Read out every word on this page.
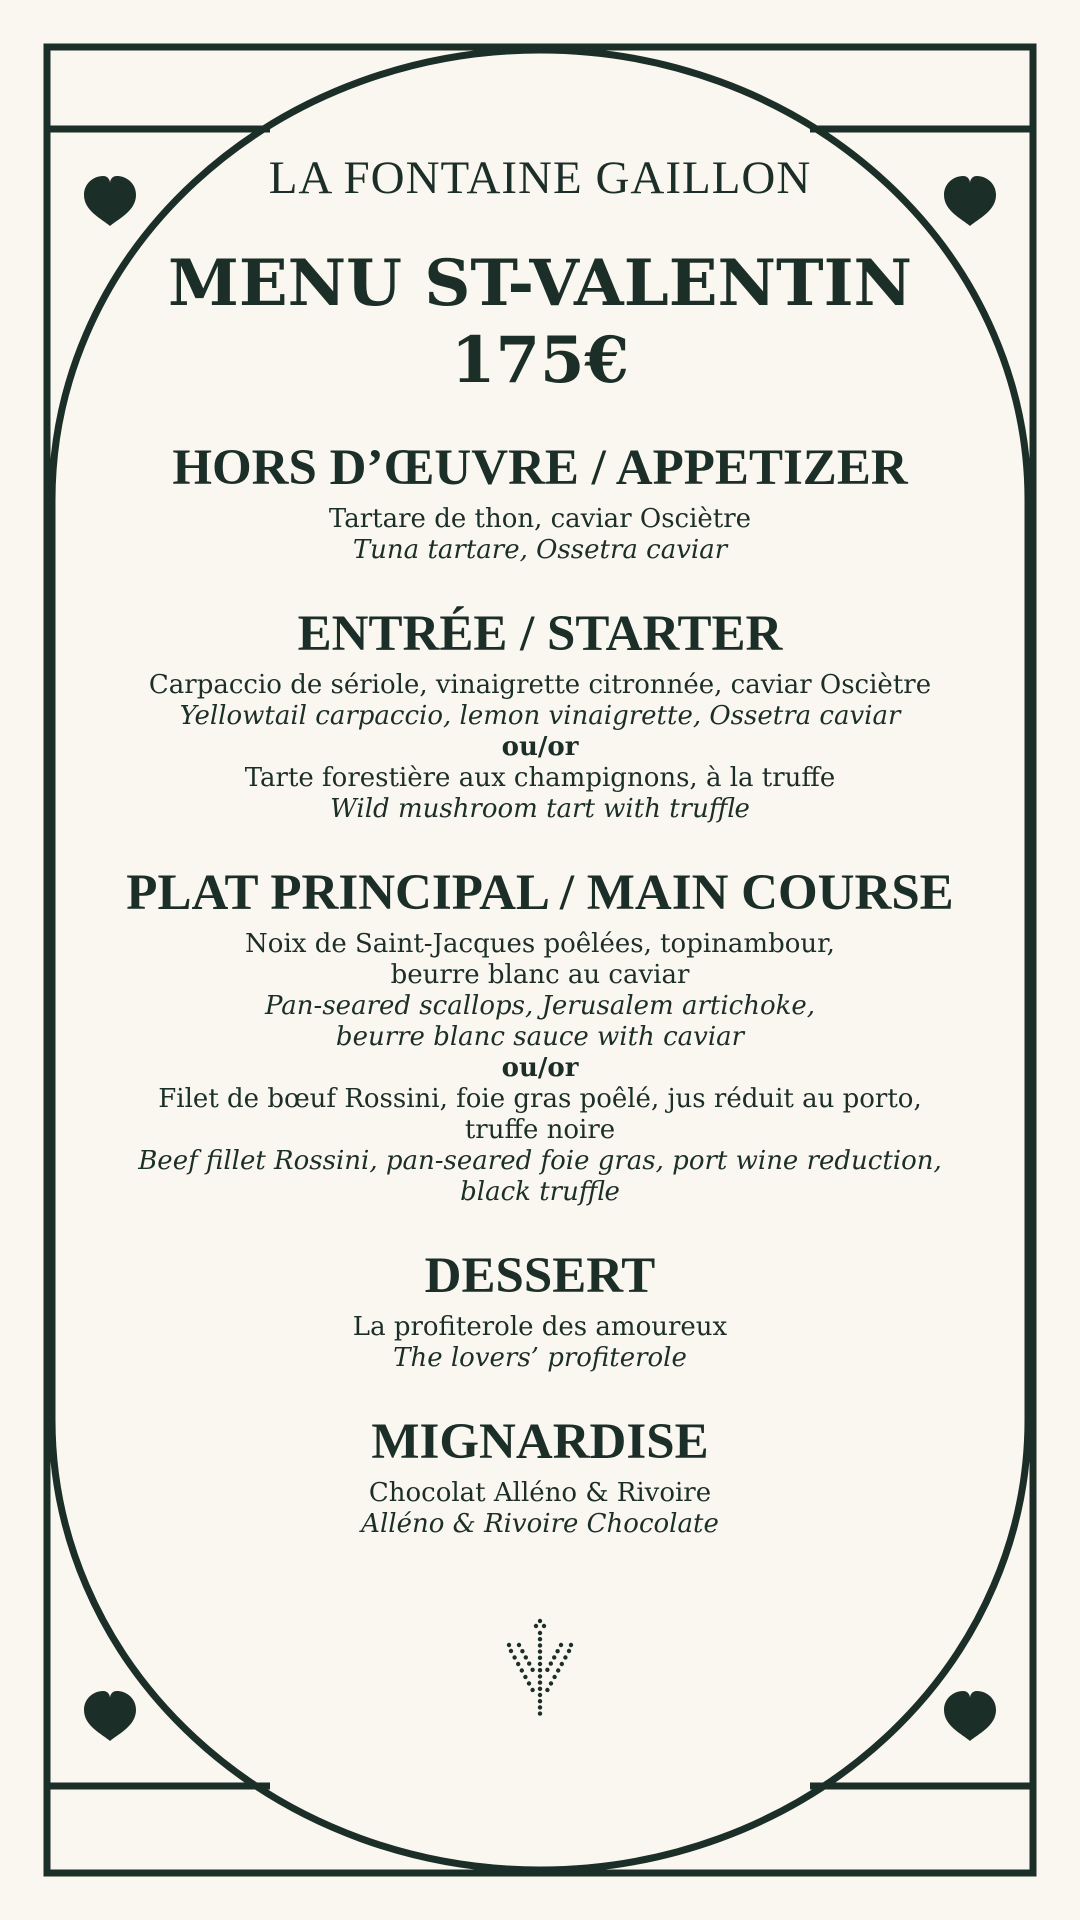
LA FONTAINE GAILLON

MENU ST-VALENTIN

175€

HORS D’ŒUVRE / APPETIZER

Tartare de thon, caviar Osciètre

Tuna tartare, Ossetra caviar

ENTRÉE / STARTER

Carpaccio de sériole, vinaigrette citronnée, caviar Osciètre

Yellowtail carpaccio, lemon vinaigrette, Ossetra caviar

ou/or

Tarte forestière aux champignons, à la truffe

Wild mushroom tart with truffle

PLAT PRINCIPAL / MAIN COURSE

Noix de Saint-Jacques poêlées, topinambour,
beurre blanc au caviar

Pan-seared scallops, Jerusalem artichoke,
beurre blanc sauce with caviar

ou/or

Filet de bœuf Rossini, foie gras poêlé, jus réduit au porto,
truffe noire

Beef fillet Rossini, pan-seared foie gras, port wine reduction,
black truffle

DESSERT

La profiterole des amoureux

The lovers’ profiterole

MIGNARDISE

Chocolat Alléno & Rivoire

Alléno & Rivoire Chocolate
